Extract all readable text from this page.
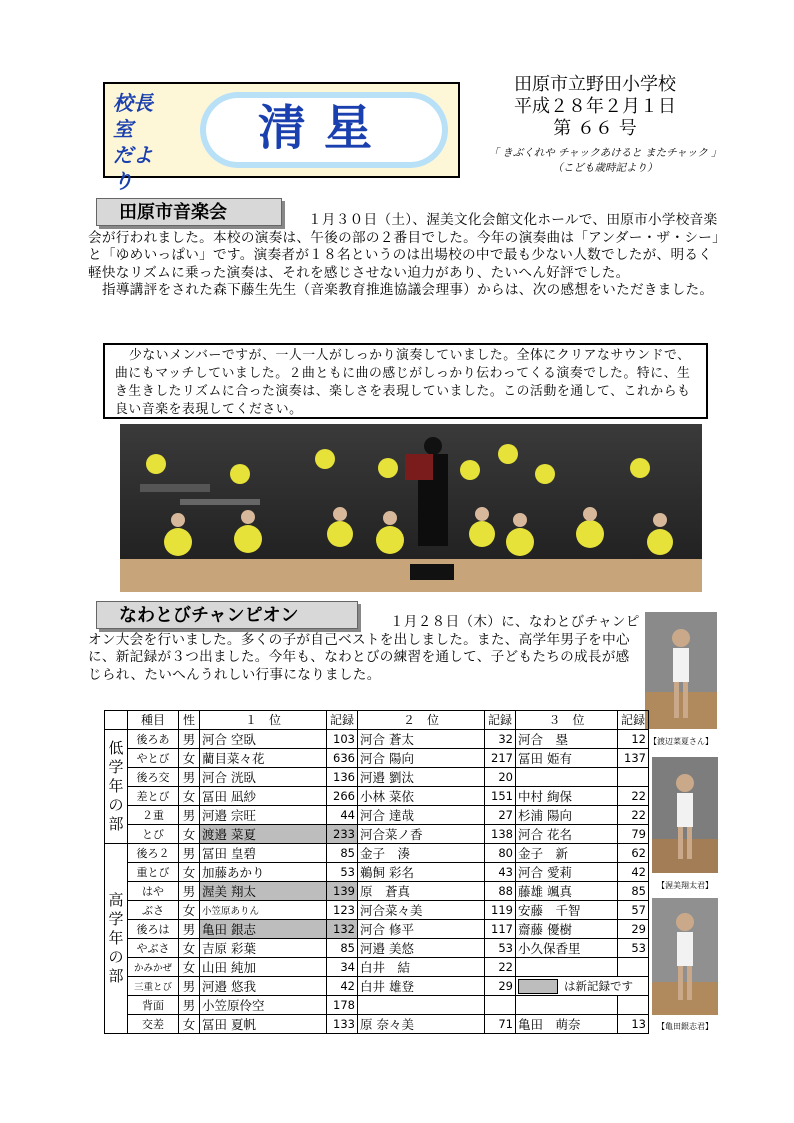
校長室
だより
清星
田原市立野田小学校
平成２８年２月１日
第 ６６ 号
「 きぶくれや チャックあけると またチャック 」
（こども歳時記より）
田原市音楽会	１月３０日（土）、渥美文化会館文化ホールで、田原市小学校音楽会が行われました。本校の演奏は、午後の部の２番目でした。今年の演奏曲は「アンダー・ザ・シー」と「ゆめいっぱい」です。演奏者が１８名というのは出場校の中で最も少ない人数でしたが、明るく軽快なリズムに乗った演奏は、それを感じさせない迫力があり、たいへん好評でした。
指導講評をされた森下藤生先生（音楽教育推進協議会理事）からは、次の感想をいただきました。
少ないメンバーですが、一人一人がしっかり演奏していました。全体にクリアなサウンドで、曲にもマッチしていました。２曲ともに曲の感じがしっかり伝わってくる演奏でした。特に、生き生きしたリズムに合った演奏は、楽しさを表現していました。この活動を通して、これからも良い音楽を表現してください。
なわとびチャンピオン	１月２８日（木）に、なわとびチャンピオン大会を行いました。多くの子が自己ベストを出しました。また、高学年男子を中心に、新記録が３つ出ました。今年も、なわとびの練習を通して、子どもたちの成長が感じられ、たいへんうれしい行事になりました。
【渡辺菜夏さん】
【渥美翔太君】
【亀田銀志君】
	種目	性	１　位	記録	２　位	記録	３　位	記録

低
学
年
の
部	後ろあ	男	河合 空臥	103	河合 蒼太	32	河合　塁	12
	やとび	女	藺目菜々花	636	河合 陽向	217	冨田 姫有	137
	後ろ交	男	河合 洸臥	136	河邉 劉汰	20		
	差とび	女	冨田 凪紗	266	小林 菜依	151	中村 絢保	22
	２重	男	河邉 宗旺	44	河合 達哉	27	杉浦 陽向	22
	とび	女	渡邉 菜夏	233	河合菜ノ香	138	河合 花名	79

高
学
年
の
部	後ろ２	男	冨田 皇碧	85	金子　湊	80	金子　新	62
	重とび	女	加藤あかり	53	鵜飼 彩名	43	河合 愛莉	42
	はや	男	渥美 翔太	139	原　蒼真	88	藤雄 颯真	85
	ぶさ	女	小笠原ありん	123	河合菜々美	119	安藤　千智	57
	後ろは	男	亀田 銀志	132	河合 修平	117	齋藤 優樹	29
	やぶさ	女	吉原 彩葉	85	河邉 美悠	53	小久保香里	53
	かみかぜ	女	山田 純加	34	白井　結	22		
	三重とび	男	河邉 悠我	42	白井 雄登	29	は新記録です	
	背面	男	小笠原伶空	178				
	交差	女	冨田 夏帆	133	原 奈々美	71	亀田　萌奈	13
